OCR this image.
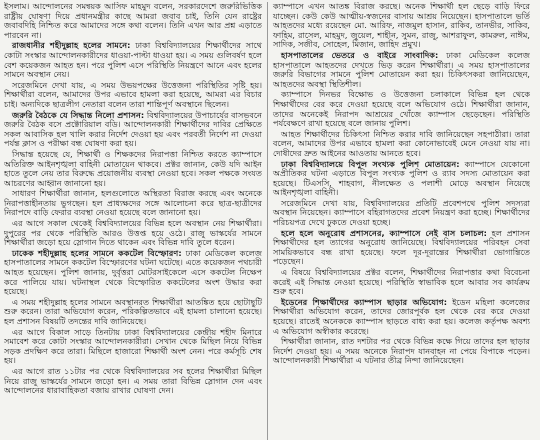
ইসলাম। আন্দোলনের সমন্বয়ক আসিফ মাহমুদ বলেন, সরকারদেশে জরুরিভিত্তিক রাষ্ট্রীয় ঘোষণা দিয়ে প্রধানমন্ত্রীর কাছে আমরা জবাব চাই, তিনি যেন রাষ্ট্রের জবাবদিহি নিশ্চিত করে আমাদের সঙ্গে কথা বলেন। তিনি এখন আর প্রশ্ন এড়াতে পারবেন না।

রাজধানীর শহীদুল্লাহ হলের সামনে: ঢাকা বিশ্ববিদ্যালয়ের শিক্ষার্থীদের সাথে কোটা সংস্কার আন্দোলনকারীদের ধাওয়া-পাল্টা ধাওয়া হয়। এ সময় গুলিবর্ষণ হলে বেশ কয়েকজন আহত হন। পরে পুলিশ এসে পরিস্থিতি নিয়ন্ত্রণে আনে এবং হলের সামনে অবস্থান নেয়।

সরেজমিনে দেখা যায়, এ সময় উভয়পক্ষের উত্তেজনা পরিস্থিতির সৃষ্টি হয়। শিক্ষার্থীরা বলেন, আমাদের উপর এভাবে হামলা করা হয়েছে, আমরা এর বিচার চাই। অন্যদিকে ছাত্রলীগ নেতারা বলেন তারা শান্তিপূর্ণ অবস্থানে ছিলেন।

জরুরি বৈঠকে যে সিদ্ধান্ত নিলো প্রশাসন: বিশ্ববিদ্যালয়ের উপাচার্যের বাসভবনে জরুরি বৈঠক বসে প্রক্টোরিয়াল বডি। আন্দোলনকারী শিক্ষার্থীদের দাবির প্রেক্ষিতে সকল আবাসিক হল খালি করার নির্দেশ দেওয়া হয় এবং পরবর্তী নির্দেশ না দেওয়া পর্যন্ত ক্লাস ও পরীক্ষা বন্ধ ঘোষণা করা হয়।

সিদ্ধান্ত হয়েছে যে, শিক্ষার্থী ও শিক্ষকদের নিরাপত্তা নিশ্চিত করতে ক্যাম্পাসে অতিরিক্ত আইনশৃঙ্খলা বাহিনী মোতায়েন থাকবে। প্রক্টর জানান, কেউ যদি আইন হাতে তুলে নেয় তার বিরুদ্ধে প্রয়োজনীয় ব্যবস্থা নেওয়া হবে। সকল পক্ষকে সংযত আচরণের আহ্বান জানানো হয়।

সাধারণ শিক্ষার্থীরা জানান, হলগুলোতে অস্থিরতা বিরাজ করছে এবং অনেকে নিরাপত্তাহীনতায় ভুগছেন। হল প্রাধ্যক্ষদের সঙ্গে আলোচনা করে ছাত্র-ছাত্রীদের নিরাপদে বাড়ি ফেরার ব্যবস্থা নেওয়া হয়েছে বলে জানানো হয়।

এর আগে সকাল থেকেই বিশ্ববিদ্যালয়ের বিভিন্ন হলে অবস্থান নেয় শিক্ষার্থীরা। দুপুরের পর থেকে পরিস্থিতি আরও উত্তপ্ত হয়ে ওঠে। রাজু ভাস্কর্যের সামনে শিক্ষার্থীরা জড়ো হয়ে স্লোগান দিতে থাকেন এবং বিভিন্ন দাবি তুলে ধরেন।

ঢাকেক শহীদুল্লাহ হলের সামনে ককটেল বিস্ফোরণ: ঢাকা মেডিকেল কলেজ হাসপাতালের সামনে ককটেল বিস্ফোরণের ঘটনা ঘটেছে। এতে কয়েকজন পথচারী আহত হয়েছেন। পুলিশ জানায়, দুর্বৃত্তরা মোটরসাইকেলে এসে ককটেল নিক্ষেপ করে পালিয়ে যায়। ঘটনাস্থল থেকে বিস্ফোরিত ককটেলের অংশ উদ্ধার করা হয়েছে।

এ সময় শহীদুল্লাহ হলের সামনে অবস্থানরত শিক্ষার্থীরা আতঙ্কিত হয়ে ছোটাছুটি শুরু করেন। তারা অভিযোগ করেন, পরিকল্পিতভাবে এই হামলা চালানো হয়েছে। হল প্রশাসন বিষয়টি তদন্তের দাবি জানিয়েছে।

এর আগে বিকাল সাড়ে তিনটায় ঢাকা বিশ্ববিদ্যালয়ের কেন্দ্রীয় শহীদ মিনারে সমাবেশ করে কোটা সংস্কার আন্দোলনকারীরা। সেখান থেকে মিছিল নিয়ে বিভিন্ন সড়ক প্রদক্ষিণ করে তারা। মিছিলে হাজারো শিক্ষার্থী অংশ নেন। পরে কর্মসূচি শেষ হয়।

এর আগে রাত ১১টার পর থেকে বিশ্ববিদ্যালয়ের সব হলের শিক্ষার্থীরা মিছিল নিয়ে রাজু ভাস্কর্যের সামনে জড়ো হন। এ সময় তারা বিভিন্ন স্লোগান দেন এবং আন্দোলনের ধারাবাহিকতা বজায় রাখার ঘোষণা দেন।

ক্যাম্পাসে এখন আতঙ্ক বিরাজ করছে। অনেক শিক্ষার্থী হল ছেড়ে বাড়ি ফিরে যাচ্ছেন। কেউ কেউ আত্মীয়-স্বজনের বাসায় আশ্রয় নিয়েছেন। হাসপাতালে ভর্তি আহতদের মধ্যে রয়েছেন মো. আরিফ, নাজমুল হাসান, রাকিব, তানভীর, সাকিব, ফাহিম, রাসেল, মাহমুদ, জুয়েল, শাহীন, সুমন, রাজু, আশরাফুল, কামরুল, নাঈম, সাদিক, সজীব, সোহেল, মিজান, জাহিদ প্রমুখ।

হাসপাতালের ভেতরে ও বাইরে সাংবাদিক: ঢাকা মেডিকেল কলেজ হাসপাতালে আহতদের দেখতে ভিড় করেন শিক্ষার্থীরা। এ সময় হাসপাতালের জরুরি বিভাগের সামনে পুলিশ মোতায়েন করা হয়। চিকিৎসকরা জানিয়েছেন, আহতদের অবস্থা স্থিতিশীল।

ক্যাম্পাসে দিনভর বিক্ষোভ ও উত্তেজনা চলাকালে বিভিন্ন হল থেকে শিক্ষার্থীদের বের করে দেওয়া হয়েছে বলে অভিযোগ ওঠে। শিক্ষার্থীরা জানান, তাদের অনেকেই নিরাপদ আশ্রয়ের খোঁজে ক্যাম্পাস ছেড়েছেন। পরিস্থিতি পর্যবেক্ষণে রাখা হয়েছে বলে জানায় পুলিশ।

আহত শিক্ষার্থীদের চিকিৎসা নিশ্চিত করার দাবি জানিয়েছেন সহপাঠীরা। তারা বলেন, আমাদের উপর এভাবে হামলা করা কোনোভাবেই মেনে নেওয়া যায় না। দোষীদের দ্রুত আইনের আওতায় আনতে হবে।

ঢাকা বিশ্ববিদ্যালয়ে বিপুল সংখ্যক পুলিশ মোতায়েন: ক্যাম্পাসে যেকোনো অপ্রীতিকর ঘটনা এড়াতে বিপুল সংখ্যক পুলিশ ও র‍্যাব সদস্য মোতায়েন করা হয়েছে। টিএসসি, শাহবাগ, নীলক্ষেত ও পলাশী মোড়ে অবস্থান নিয়েছে আইনশৃঙ্খলা বাহিনী।

সরেজমিনে দেখা যায়, বিশ্ববিদ্যালয়ের প্রতিটি প্রবেশপথে পুলিশ সদস্যরা অবস্থান নিয়েছেন। ক্যাম্পাসে বহিরাগতদের প্রবেশ নিয়ন্ত্রণ করা হচ্ছে। শিক্ষার্থীদের পরিচয়পত্র দেখে ঢুকতে দেওয়া হচ্ছে।

হলে হলে অনুরোধ প্রশাসনের, ক্যাম্পাসে নেই বাস চলাচল: হল প্রশাসন শিক্ষার্থীদের হল ত্যাগের অনুরোধ জানিয়েছে। বিশ্ববিদ্যালয়ের পরিবহন সেবা সাময়িকভাবে বন্ধ রাখা হয়েছে। ফলে দূর-দূরান্তের শিক্ষার্থীরা ভোগান্তিতে পড়েছেন।

এ বিষয়ে বিশ্ববিদ্যালয়ের প্রক্টর বলেন, শিক্ষার্থীদের নিরাপত্তার কথা বিবেচনা করেই এই সিদ্ধান্ত নেওয়া হয়েছে। পরিস্থিতি স্বাভাবিক হলে আবার সব কার্যক্রম শুরু হবে।

ইডেনের শিক্ষার্থীদের ক্যাম্পাস ছাড়ার অভিযোগ: ইডেন মহিলা কলেজের শিক্ষার্থীরা অভিযোগ করেন, তাদের জোরপূর্বক হল থেকে বের করে দেওয়া হয়েছে। রাতেই অনেককে ক্যাম্পাস ছাড়তে বাধ্য করা হয়। কলেজ কর্তৃপক্ষ অবশ্য এ অভিযোগ অস্বীকার করেছে।

শিক্ষার্থীরা জানান, রাত দশটার পর থেকে বিভিন্ন কক্ষে গিয়ে তাদের হল ছাড়ার নির্দেশ দেওয়া হয়। এ সময় অনেকে নিরাপদ যানবাহন না পেয়ে বিপাকে পড়েন। আন্দোলনকারী শিক্ষার্থীরা এ ঘটনার তীব্র নিন্দা জানিয়েছেন।
